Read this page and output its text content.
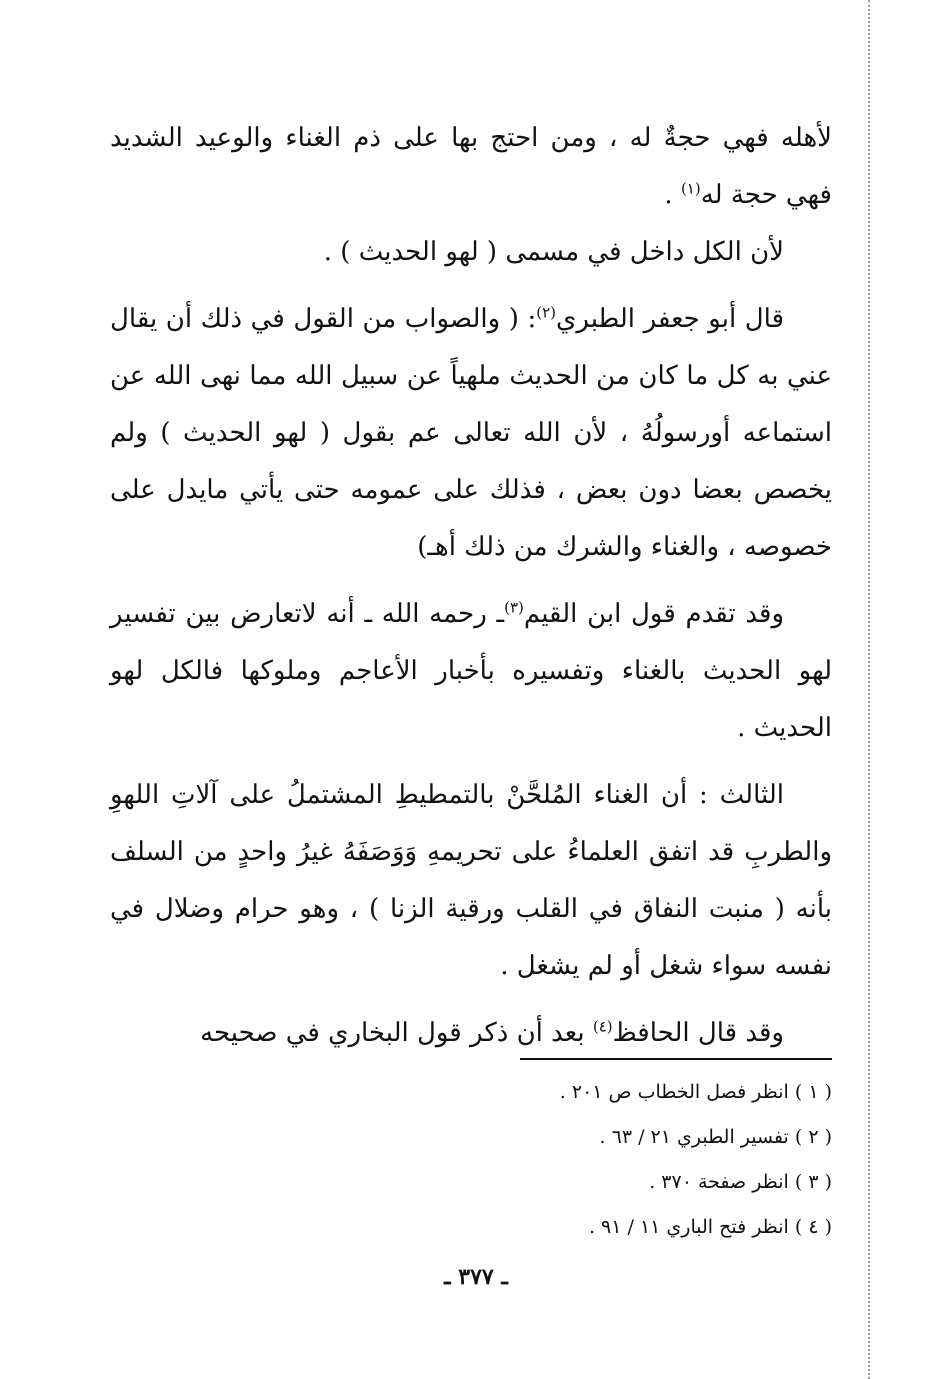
لأهله فهي حجةٌ له ، ومن احتج بها على ذم الغناء والوعيد الشديد فهي حجة له$^{(١)}$ .

لأن الكل داخل في مسمى ( لهو الحديث ) .

قال أبو جعفر الطبري$^{(٢)}$: ( والصواب من القول في ذلك أن يقال عني به كل ما كان من الحديث ملهياً عن سبيل الله مما نهى الله عن استماعه أورسولُهُ ، لأن الله تعالى عم بقول ( لهو الحديث ) ولم يخصص بعضا دون بعض ، فذلك على عمومه حتى يأتي مايدل على خصوصه ، والغناء والشرك من ذلك أهـ)

وقد تقدم قول ابن القيم$^{(٣)}$ـ رحمه الله ـ أنه لاتعارض بين تفسير لهو الحديث بالغناء وتفسيره بأخبار الأعاجم وملوكها فالكل لهو الحديث .

الثالث : أن الغناء المُلحَّنْ بالتمطيطِ المشتملُ على آلاتِ اللهوِ والطربِ قد اتفق العلماءُ على تحريمهِ وَوَصَفَهُ غيرُ واحدٍ من السلف بأنه ( منبت النفاق في القلب ورقية الزنا ) ، وهو حرام وضلال في نفسه سواء شغل أو لم يشغل .

وقد قال الحافظ$^{(٤)}$ بعد أن ذكر قول البخاري في صحيحه

( ١ ) انظر فصل الخطاب ص ٢٠١ .

( ٢ ) تفسير الطبري ٢١ / ٦٣ .

( ٣ ) انظر صفحة ٣٧٠ .

( ٤ ) انظر فتح الباري ١١ / ٩١ .

ـ ٣٧٧ ـ
